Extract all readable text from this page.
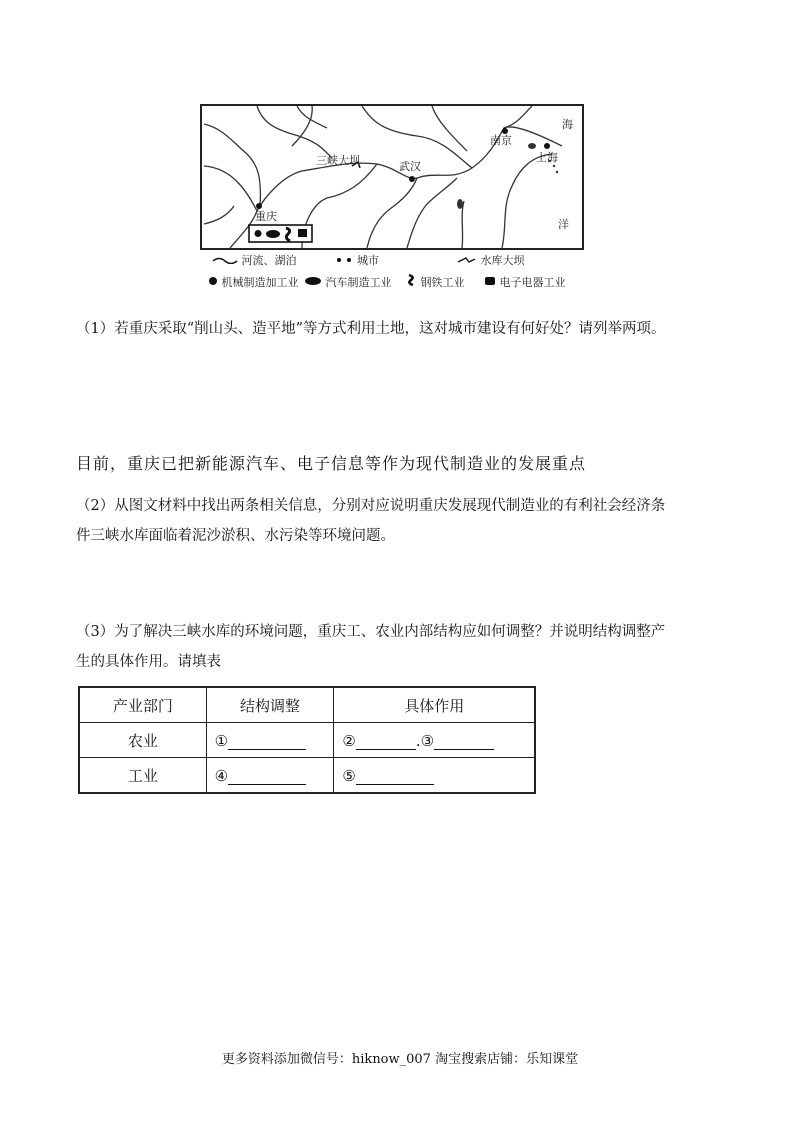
三峡大坝	武汉
南京
上海
海
洋
重庆
河流、湖泊	城市	水库大坝
机械制造加工业 汽车制造工业	钢铁工业	电子电器工业
（1）若重庆采取“削山头、造平地”等方式利用土地，这对城市建设有何好处？请列举两项。
目前，重庆已把新能源汽车、电子信息等作为现代制造业的发展重点
（2）从图文材料中找出两条相关信息，分别对应说明重庆发展现代制造业的有利社会经济条
件三峡水库面临着泥沙淤积、水污染等环境问题。
（3）为了解决三峡水库的环境问题，重庆工、农业内部结构应如何调整？并说明结构调整产
生的具体作用。请填表
产业部门	结构调整	具体作用
农业	①	② .③
工业	④	⑤
更多资料添加微信号：hiknow_007 淘宝搜索店铺：乐知课堂
